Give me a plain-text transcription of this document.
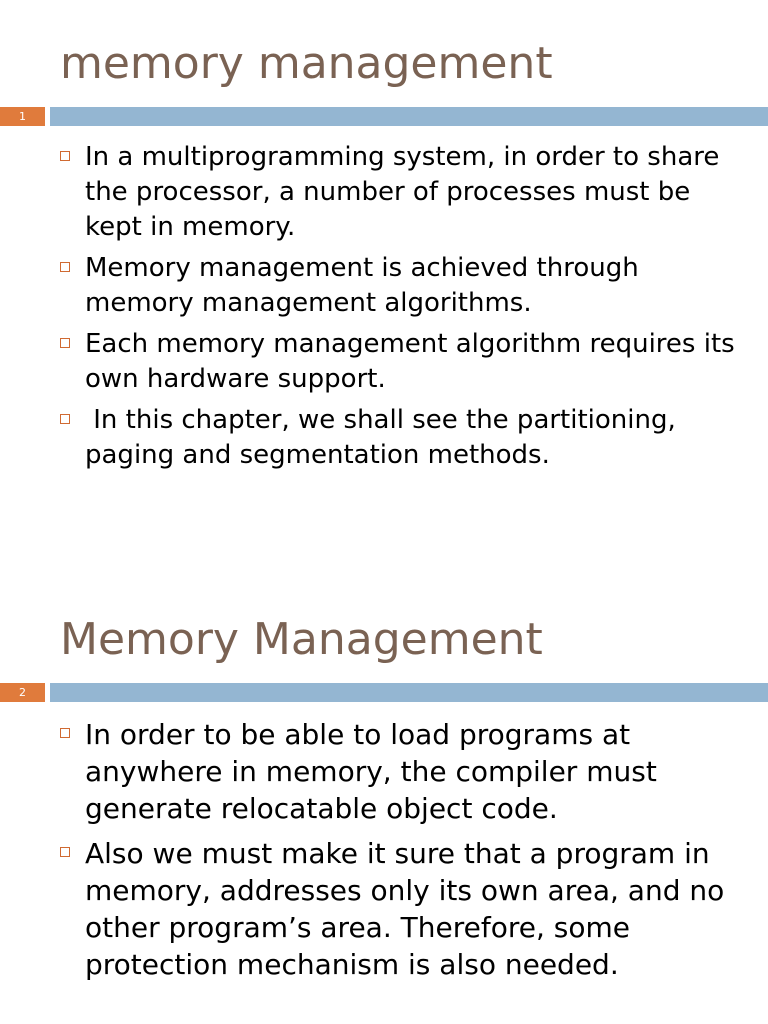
memory management
1
In a multiprogramming system, in order to share the processor, a number of processes must be kept in memory.
Memory management is achieved through memory management algorithms.
Each memory management algorithm requires its own hardware support.
In this chapter, we shall see the partitioning, paging and segmentation methods.
Memory Management
2
In order to be able to load programs at anywhere in memory, the compiler must generate relocatable object code.
Also we must make it sure that a program in memory, addresses only its own area, and no other program’s area. Therefore, some protection mechanism is also needed.
